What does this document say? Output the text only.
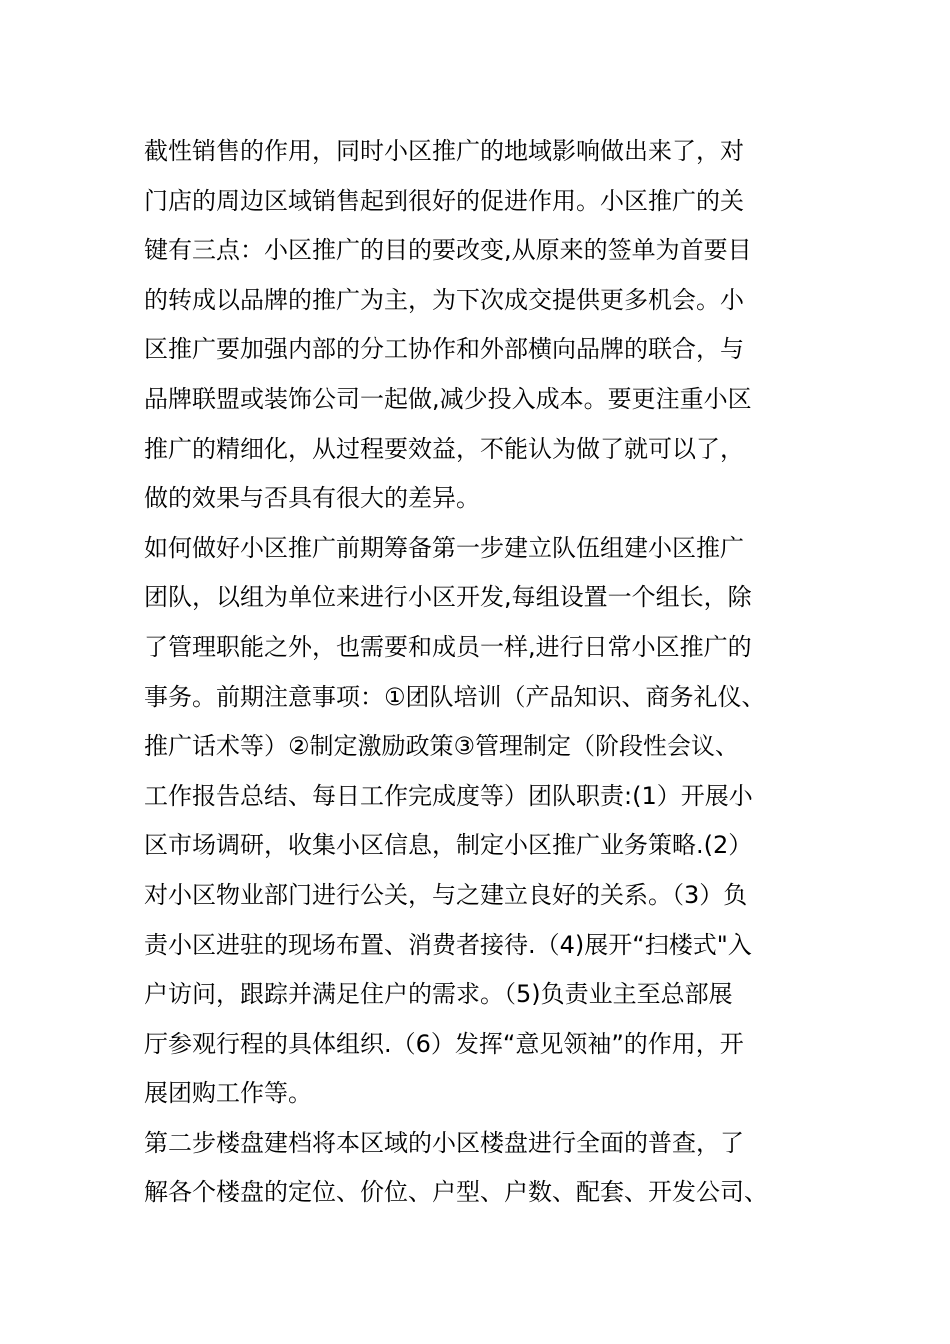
截性销售的作用，同时小区推广的地域影响做出来了，对
门店的周边区域销售起到很好的促进作用。小区推广的关
键有三点：小区推广的目的要改变,从原来的签单为首要目
的转成以品牌的推广为主，为下次成交提供更多机会。小
区推广要加强内部的分工协作和外部横向品牌的联合，与
品牌联盟或装饰公司一起做,减少投入成本。要更注重小区
推广的精细化，从过程要效益，不能认为做了就可以了，
做的效果与否具有很大的差异。
如何做好小区推广前期筹备第一步建立队伍组建小区推广
团队，以组为单位来进行小区开发,每组设置一个组长，除
了管理职能之外，也需要和成员一样,进行日常小区推广的
事务。前期注意事项：①团队培训（产品知识、商务礼仪、
推广话术等）②制定激励政策③管理制定（阶段性会议、
工作报告总结、每日工作完成度等）团队职责:(1）开展小
区市场调研，收集小区信息，制定小区推广业务策略.(2）
对小区物业部门进行公关，与之建立良好的关系。（3）负
责小区进驻的现场布置、消费者接待.（4)展开“扫楼式"入
户访问，跟踪并满足住户的需求。（5)负责业主至总部展
厅参观行程的具体组织.（6）发挥“意见领袖”的作用，开
展团购工作等。
第二步楼盘建档将本区域的小区楼盘进行全面的普查，了
解各个楼盘的定位、价位、户型、户数、配套、开发公司、
